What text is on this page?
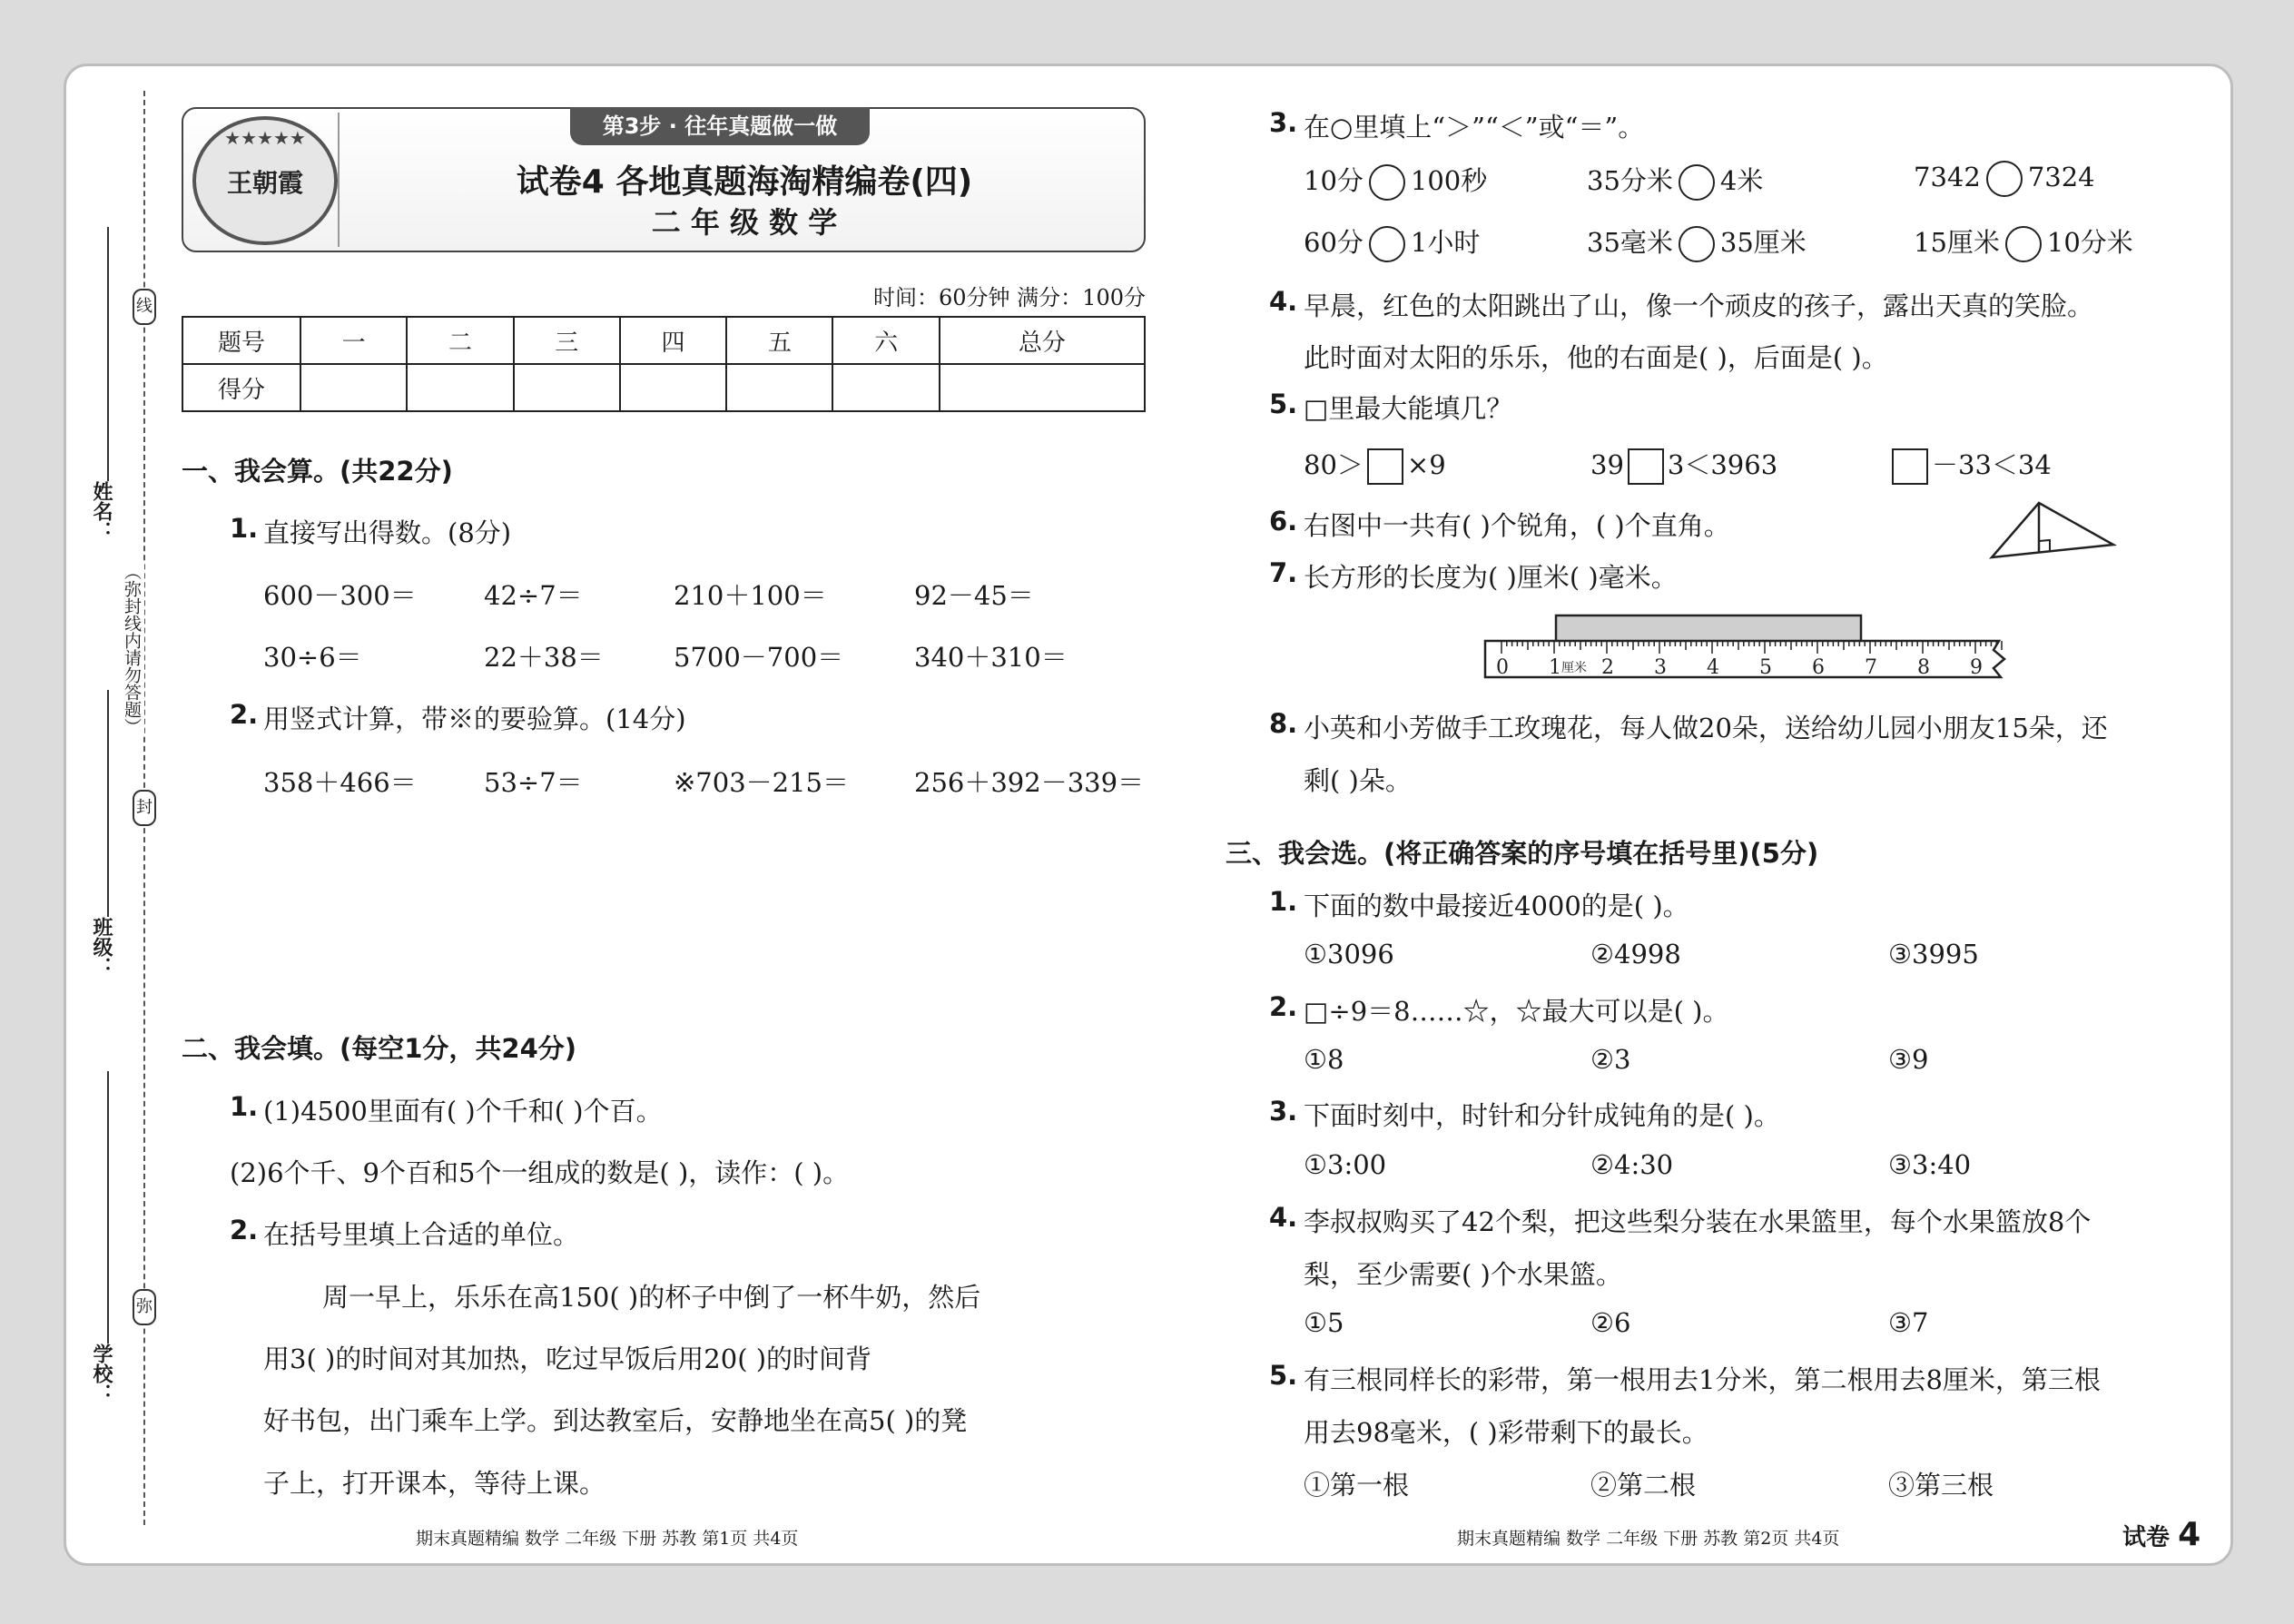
线
（弥封线内请勿答题）
封
弥
姓名：
班级：
学校：
王朝霞
★★★★★	第3步 · 往年真题做一做
试卷4 各地真题海淘精编卷(四)
二 年 级 数 学
时间：60分钟 满分：100分
题号	一	二	三	四	五	六	总分
得分							
一、我会算。(共22分)
1. 直接写出得数。(8分)
600－300＝	42÷7＝	210＋100＝	92－45＝
30÷6＝	22＋38＝	5700－700＝	340＋310＝
2. 用竖式计算，带※的要验算。(14分)
358＋466＝	53÷7＝	※703－215＝ 256＋392－339＝
二、我会填。(每空1分，共24分)
1. (1)4500里面有( )个千和( )个百。
(2)6个千、9个百和5个一组成的数是( )，读作：( )。
2. 在括号里填上合适的单位。
周一早上，乐乐在高150( )的杯子中倒了一杯牛奶，然后
用3( )的时间对其加热，吃过早饭后用20( )的时间背
好书包，出门乘车上学。到达教室后，安静地坐在高5( )的凳
子上，打开课本，等待上课。
期末真题精编 数学 二年级 下册 苏教 第1页 共4页
3. 在○里填上“＞”“＜”或“＝”。
10分 100秒	35分米 4米	7342 7324
60分 1小时	35毫米 35厘米	15厘米 10分米
4. 早晨，红色的太阳跳出了山，像一个顽皮的孩子，露出天真的笑脸。
此时面对太阳的乐乐，他的右面是( )，后面是( )。
5. □里最大能填几？
80＞ ×9	39 3＜3963	－33＜34
6. 右图中一共有( )个锐角，( )个直角。
7. 长方形的长度为( )厘米( )毫米。
0 1 2 3 4 5 6 7 8 9
厘米
8. 小英和小芳做手工玫瑰花，每人做20朵，送给幼儿园小朋友15朵，还
剩( )朵。
三、我会选。(将正确答案的序号填在括号里)(5分)
1. 下面的数中最接近4000的是( )。
①3096	②4998	③3995
2. □÷9＝8……☆，☆最大可以是( )。
①8	②3	③9
3. 下面时刻中，时针和分针成钝角的是( )。
①3:00	②4:30	③3:40
4. 李叔叔购买了42个梨，把这些梨分装在水果篮里，每个水果篮放8个
梨，至少需要( )个水果篮。
①5	②6	③7
5. 有三根同样长的彩带，第一根用去1分米，第二根用去8厘米，第三根
用去98毫米，( )彩带剩下的最长。
①第一根	②第二根	③第三根
期末真题精编 数学 二年级 下册 苏教 第2页 共4页	试卷 4
